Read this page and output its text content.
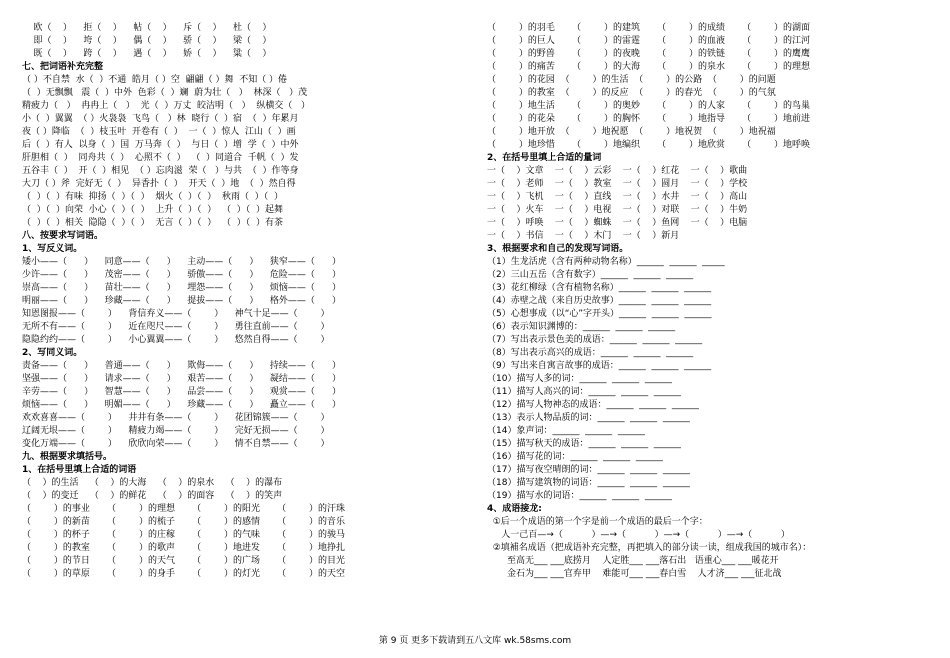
欧（    ）    拒（    ）    帖（    ）    斥（    ）    杜（    ）
即（    ）    垮（    ）    偶（    ）    骄（    ）    梁（    ）
既（    ）    跨（    ）    遇（    ）    娇（    ）    粱（    ）
七、把词语补充完整
（ ）不自禁  水（  ）不通  皓月（ ）空  翩翩（ ）舞  不知（ ）倦
（  ）无飘飘   震（  ）中外  色彩（  ）斓  蔚为壮（   ）  林深（   ）茂
精疲力（   ）  冉冉上（   ）  光（  ）万丈  皎洁明（   ）  纵横交（   ）
小（  ）翼翼  （ ）火袅袅  飞鸟（   ）林  晓行（  ）宿  （  ）年累月
夜（ ）降临  （  ）枝玉叶  开卷有（  ）  一（  ）惊人  江山（  ）画
后（  ）有人  以身（  ）国  万马奔（  ）  与日（  ）增  学（  ）中外
肝胆相（  ）  同舟共（  ）  心照不（  ）  （  ）同道合  千帆（  ）发
五谷丰（  ）  开（  ）相见  （ ）忘肉滋  荣（   ）与共  （  ）作等身
大刀（ ）斧  完好无（  ）  异香扑（  ）  开天（  ）地  （  ）然自得
（  ）（  ）有味  抑扬（  ）（  ）  烟火（  ）（  ）  秋雨（  ）（  ）
（  ）（  ）向荣  小心（  ）（  ）  上升（  ）（  ）  （  ）（  ）起舞
（  ）（  ）相关  隐隐（  ）（  ）  无言（  ）（  ）  （  ）（  ）有茶
八、按要求写词语。
1、写反义词。
矮小——（      ）    同意——（      ）    主动——（      ）    狭窄——（      ）
少许——（      ）    茂密——（      ）    骄傲——（      ）    危险——（      ）
崇高——（      ）    苗壮——（      ）    埋怨——（      ）    烦恼——（      ）
明丽——（      ）    珍藏——（      ）    提拔——（      ）    格外——（      ）
知恩图报——（        ）    背信弃义——（        ）    神气十足——（        ）
无所不有——（        ）    近在咫尺——（        ）    勇往直前——（        ）
隐隐约约——（        ）    小心翼翼——（        ）    悠然自得——（        ）
2、写同义词。
责备——（      ）    普通——（      ）    欺侮——（      ）    持续——（      ）
坚强——（      ）    请求——（      ）    艰苦——（      ）    凝结——（      ）
辛劳——（      ）    智慧——（      ）    品尝——（      ）    观赏——（      ）
烦恼——（      ）    明媚——（      ）    珍藏——（      ）    矗立——（      ）
欢欢喜喜——（        ）    井井有条——（        ）    花团锦簇——（        ）
辽阔无垠——（        ）    精疲力竭——（        ）    完好无损——（        ）
变化万端——（        ）    欣欣向荣——（        ）    情不自禁——（        ）
九、根据要求填括号。
1、在括号里填上合适的词语
（    ）的生活    （    ）的大海    （    ）的泉水    （    ）的瀑布
（    ）的变迁    （    ）的鲜花    （    ）的面容    （    ）的笑声
（        ）的事业      （        ）的理想      （        ）的阳光      （        ）的汗珠
（        ）的新苗      （        ）的梳子      （        ）的感情      （        ）的音乐
（        ）的杯子      （        ）的庄稼      （        ）的气味      （        ）的骏马
（        ）的教室      （        ）的歌声      （        ）地进发      （        ）地挣扎
（        ）的节日      （        ）的天气      （        ）的广场      （        ）的目光
（        ）的草原      （        ）的身手      （        ）的灯光      （        ）的天空
（        ）的羽毛      （        ）的建筑      （        ）的成绩      （        ）的湖面
（        ）的巨人      （        ）的雷霆      （        ）的血液      （        ）的江河
（        ）的野兽      （        ）的夜晚      （        ）的铁链      （        ）的鹰鹰
（        ）的痛苦      （        ）的大海      （        ）的泉水      （        ）的理想
（        ）的花园  （        ）的生活  （        ）的公路  （        ）的问题
（        ）的教室  （        ）的反应  （        ）的春光  （        ）的气氛
（        ）地生活      （        ）的奥妙      （        ）的人家      （        ）的鸟巢
（        ）的花朵      （        ）的胸怀      （        ）地指导      （        ）地前进
（        ）地开放  （        ）地祝愿  （        ）地祝贺  （        ）地祝福
（        ）地珍惜      （        ）地编织      （        ）地欣赏      （        ）地呼唤
2、在括号里填上合适的量词
一（    ）文章    一（    ）云彩    一（    ）红花    一（    ）歌曲
一（    ）老师    一（    ）教室    一（    ）圆月    一（    ）学校
一（    ）飞机    一（    ）直线    一（    ）水井    一（    ）高山
一（    ）火车    一（    ）电视    一（    ）对联    一（    ）牛奶
一（    ）呼唤    一（    ）蜘蛛    一（    ）鱼网    一（    ）电脑
一（    ）书信    一（    ）木门    一（    ）新月
3、根据要求和自己的发现写词语。
（1）生龙活虎（含有两种动物名称）______  ______  _____
（2）三山五岳（含有数字）______  ______  ______
（3）花红柳绿（含有植物名称）______  ______  ______
（4）赤壁之战（来自历史故事）______  ______  ______
（5）心想事成（以“心”字开头）______  ______  ______
（6）表示知识渊博的：______  ______  ______
（7）写出表示景色美的成语：______  ______  ______
（8）写出表示高兴的成语：______  ______  ______
（9）写出来自寓言故事的成语：______  ______  ______
（10）描写人多的词：______  ______  ______
（11）描写人高兴的词：______  ______  ______
（12）描写人物神态的成语：______  ______  ______
（13）表示人物品质的词：______  ______  ______
（14）象声词：______  ______  ______
（15）描写秋天的成语：______  ______  ______
（16）描写花的词：______  ______  ______
（17）描写夜空晴朗的词：______  ______  ______
（18）描写建筑物的词语：______  ______  ______
（19）描写水的词语：______  ______  ______
4、成语接龙:
①后一个成语的第一个字是前一个成语的最后一个字：
人一己百—→（          ）—→（          ）—→（          ）—→（          ）
②填補名成语（把成语补充完整，再把填入的部分读一读，组成我国的城市名）：
至高无___ ___底捞月    人定胜___ ___落石出   语重心___ ___暖花开
金石为___ ___官弃甲    难能可___ ___春白雪    人才济___ ___征北战
第 9 页 更多下载请到五八文库 wk.58sms.com
